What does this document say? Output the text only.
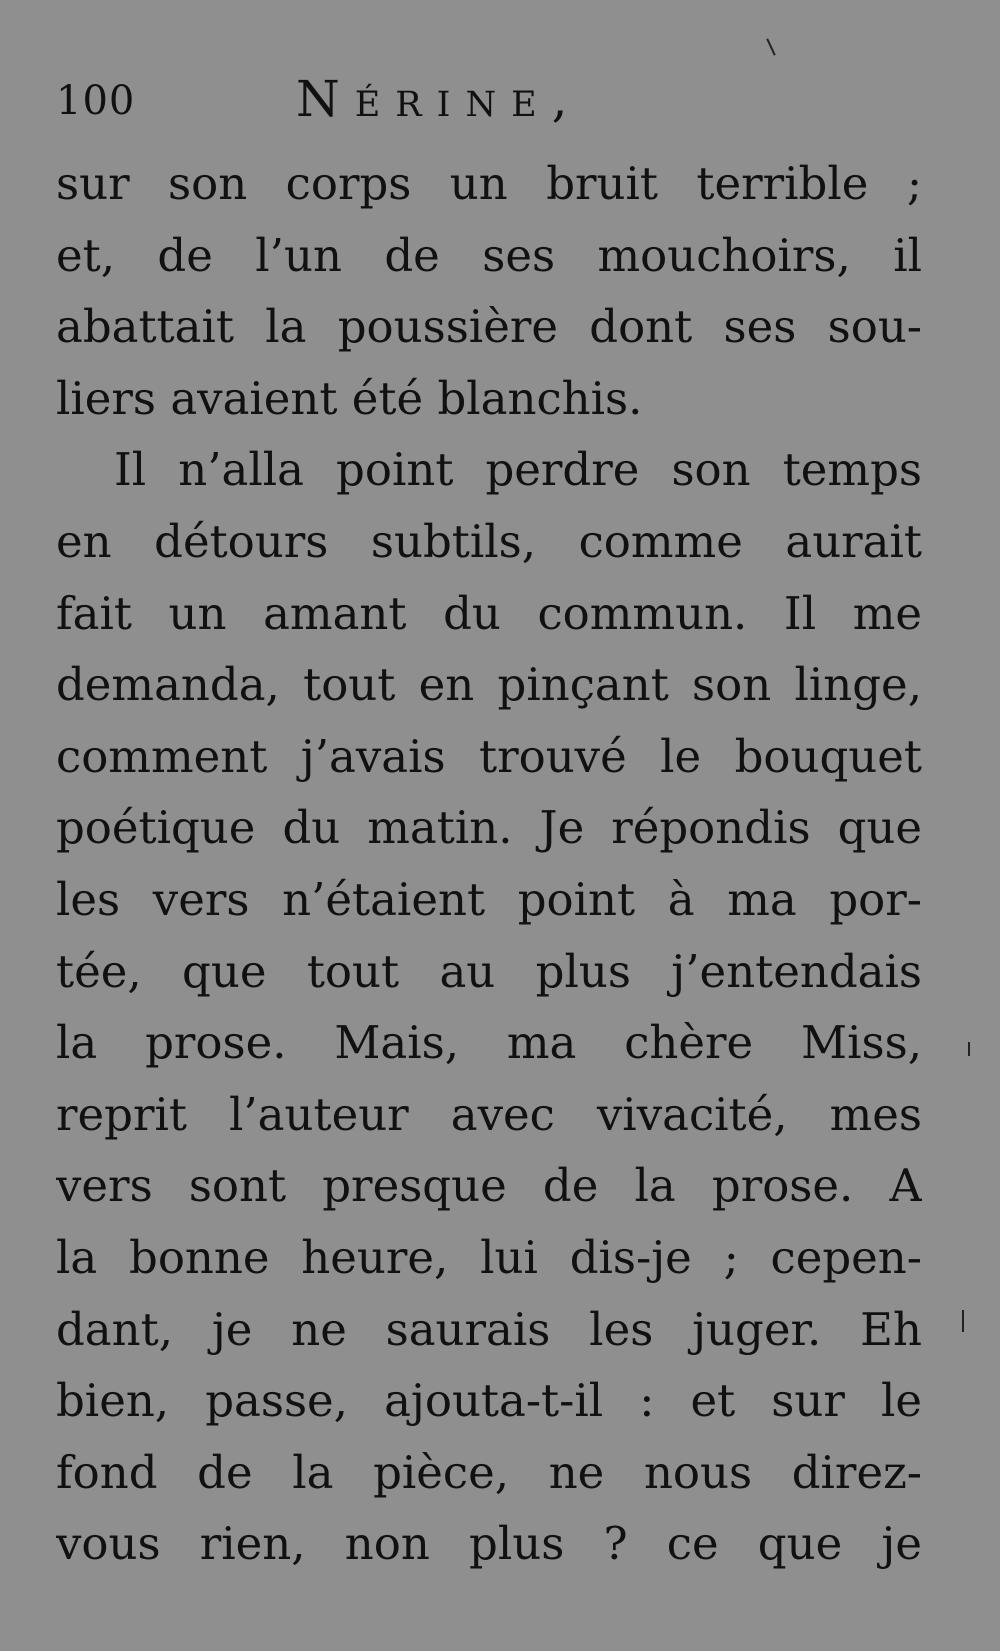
100	Nérine,
sur son corps un bruit terrible ;
et, de l’un de ses mouchoirs, il
abattait la poussière dont ses sou-
liers avaient été blanchis.
Il n’alla point perdre son temps
en détours subtils, comme aurait
fait un amant du commun. Il me
demanda, tout en pinçant son linge,
comment j’avais trouvé le bouquet
poétique du matin. Je répondis que
les vers n’étaient point à ma por-
tée, que tout au plus j’entendais
la prose. Mais, ma chère Miss,
reprit l’auteur avec vivacité, mes
vers sont presque de la prose. A
la bonne heure, lui dis-je ; cepen-
dant, je ne saurais les juger. Eh
bien, passe, ajouta-t-il : et sur le
fond de la pièce, ne nous direz-
vous rien, non plus ? ce que je
